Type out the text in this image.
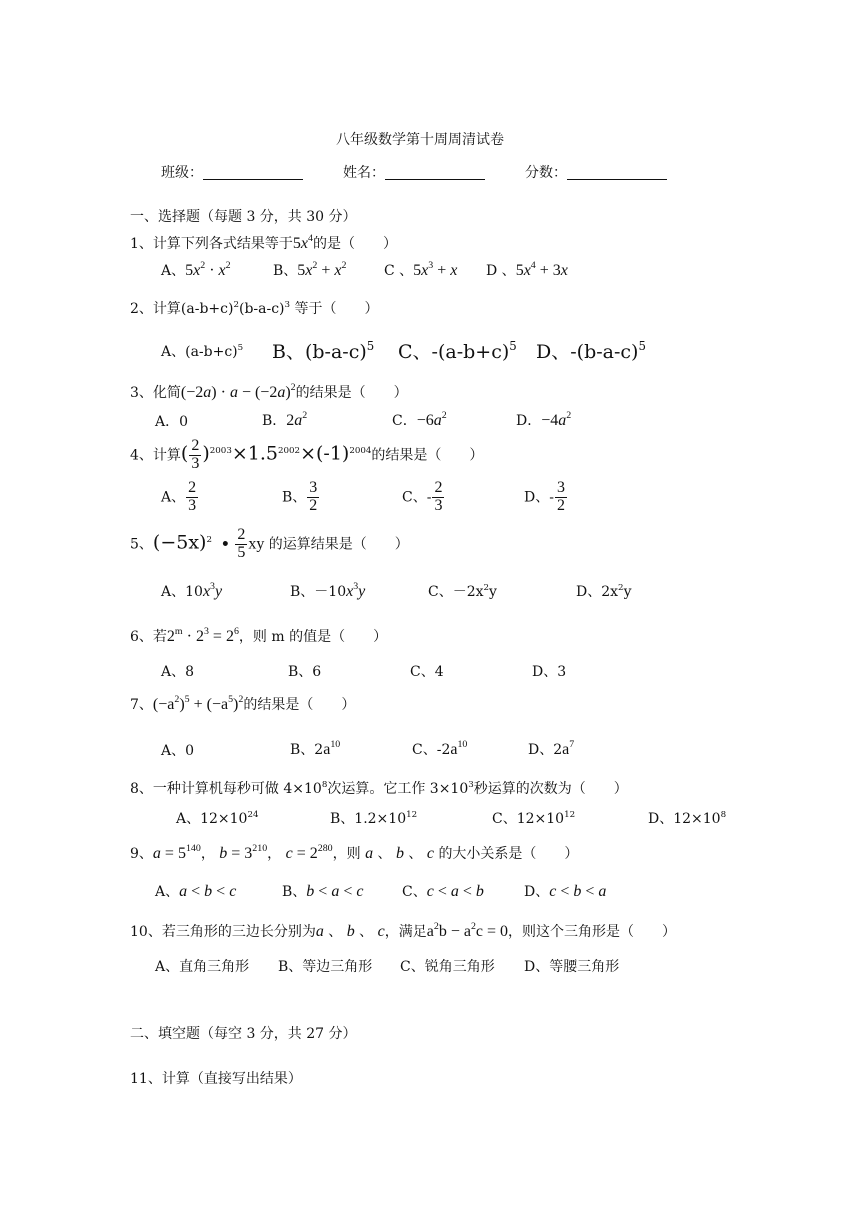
八年级数学第十周周清试卷
班级：	姓名：	分数：
一、选择题（每题 3 分，共 30 分）
1、计算下列各式结果等于$5x^4$的是（　　）
A、$5x^2 \cdot x^2$	B、$5x^2 + x^2$	C 、$5x^3 + x$ D 、$5x^4 + 3x$
2、计算$(a-b+c)^2(b-a-c)^3$ 等于（　　）
A、$(a-b+c)^5$ B、$(b-a-c)^5$ C、$-(a-b+c)^5$ D、$-(b-a-c)^5$
3、化简$(-2a) \cdot a - (-2a)^2$的结果是（　　）
A．0	B．$2a^2$	C．$-6a^2$	D．$-4a^2$
4、计算( $\frac{2}{3} )^{2003}\times 1.5^{2002}\times(-1)^{2004}$的结果是（　　）
A、 $\frac{2}{3}$	B、 $\frac{3}{2}$	C、- $\frac{2}{3}$	D、- $\frac{3}{2}$
5、$(-5x)^2$ • $\frac{2}{5}$ xy 的运算结果是（　　）
A、$10x^3y$	B、$-10x^3y$	C、$-2x^2y$	D、$2x^2y$
6、若$2^m \cdot 2^3 = 2^6$，则 m 的值是（　　）
A、8	B、6	C、4	D、3
7、$(-a^2)^5 + (-a^5)^2$的结果是（　　）
A、0	B、$2a^{10}$	C、$-2a^{10}$	D、$2a^7$
8、一种计算机每秒可做 $4\times 10^8$次运算。它工作 $3\times 10^3$秒运算的次数为（　　）
A、$12\times 10^{24}$	B、$1.2\times 10^{12}$	C、$12\times 10^{12}$	D、$12\times 10^8$
9、$a = 5^{140}$， $b = 3^{210}$， $c = 2^{280}$，则 a 、 b 、 c 的大小关系是（　　）
A、a < b < c	B、b < a < c	C、c < a < b	D、c < b < a
10、若三角形的三边长分别为a 、 b 、 c，满足$a^2b - a^2c = 0$，则这个三角形是（　　）
A、直角三角形 B、等边三角形 C、锐角三角形 D、等腰三角形
二、填空题（每空 3 分，共 27 分）
11、计算（直接写出结果）
